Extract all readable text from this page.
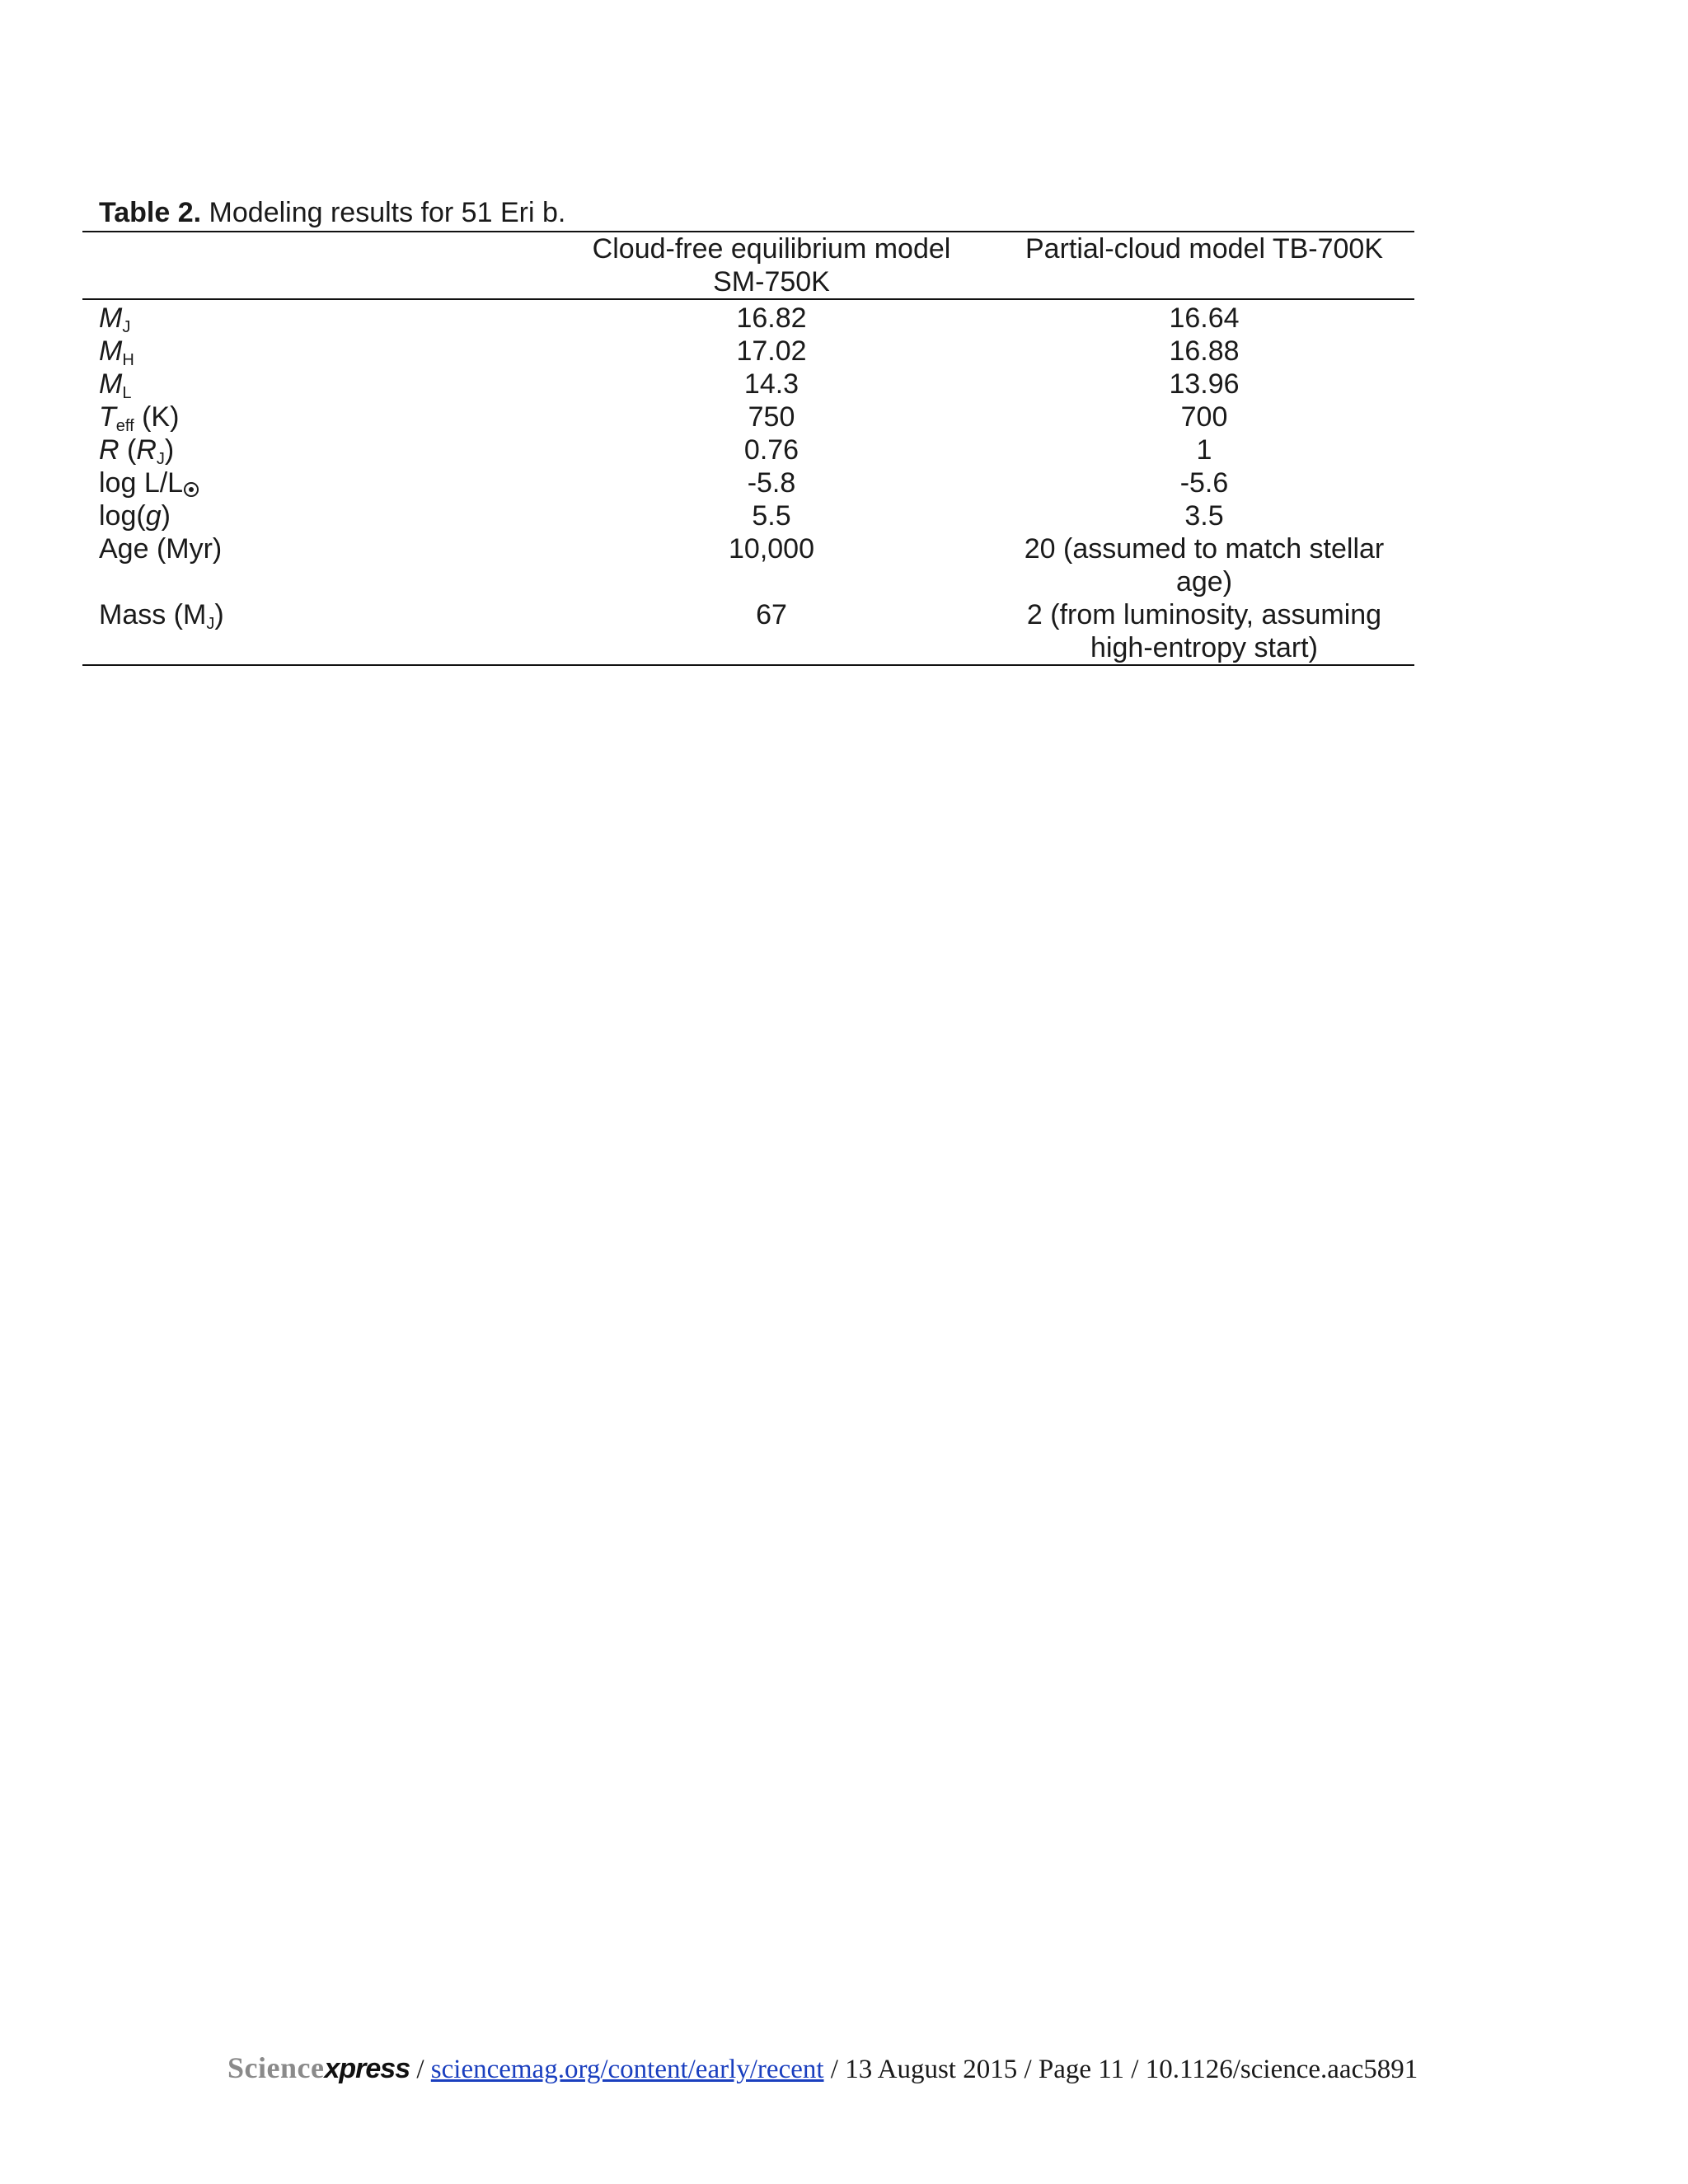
Table 2. Modeling results for 51 Eri b.
	Cloud-free equilibrium model SM-750K	Partial-cloud model TB-700K
$M_J$	16.82	16.64
$M_H$	17.02	16.88
$M_L$	14.3	13.96
$T_{eff}$ (K)	750	700
R $(R_J)$	0.76	1
log L/L	-5.8	-5.6
log(g)	5.5	3.5
Age (Myr)	10,000	20 (assumed to match stellar age)
Mass $(M_J)$	67	2 (from luminosity, assuming high-entropy start)
Sciencexpress / sciencemag.org/content/early/recent / 13 August 2015 / Page 11 / 10.1126/science.aac5891
